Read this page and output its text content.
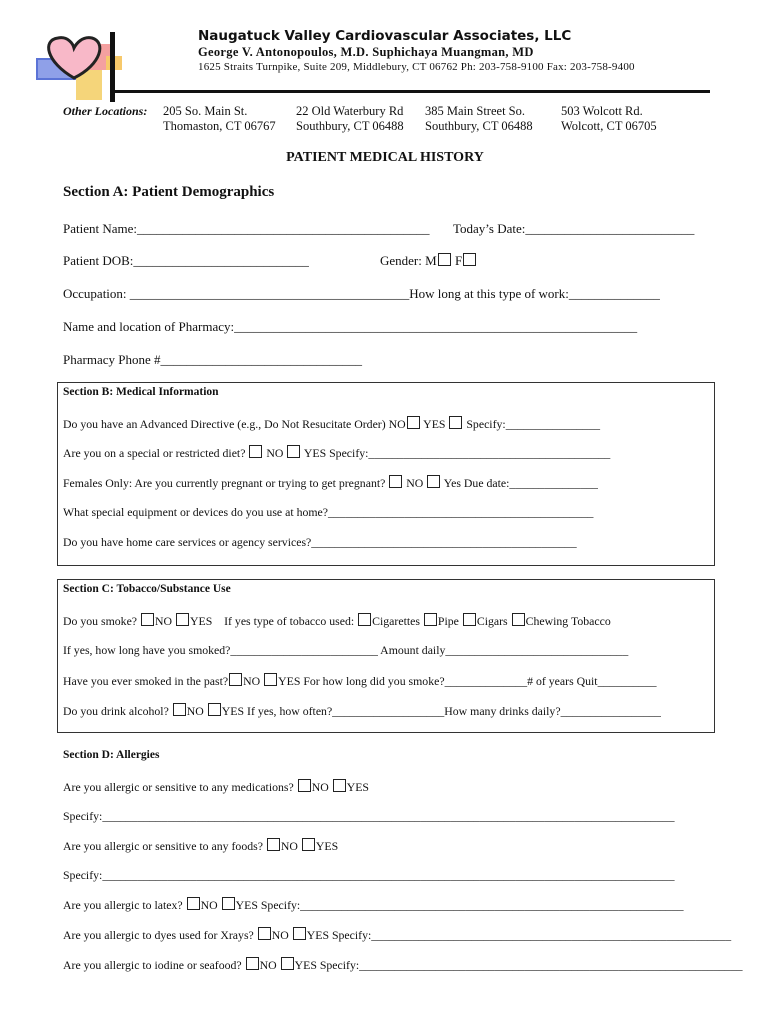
Naugatuck Valley Cardiovascular Associates, LLC
George V. Antonopoulos, M.D. Suphichaya Muangman, MD
1625 Straits Turnpike, Suite 209, Middlebury, CT 06762 Ph: 203-758-9100 Fax: 203-758-9400
Other Locations: 205 So. Main St.
Thomaston, CT 06767
22 Old Waterbury Rd
Southbury, CT 06488
385 Main Street So.
Southbury, CT 06488
503 Wolcott Rd.
Wolcott, CT 06705
PATIENT MEDICAL HISTORY
Section A: Patient Demographics
Patient Name:_____________________________________________ Today’s Date:__________________________
Patient DOB:___________________________	Gender: M F
Occupation: ___________________________________________How long at this type of work:______________
Name and location of Pharmacy:______________________________________________________________
Pharmacy Phone #_______________________________
Section B: Medical Information
Do you have an Advanced Directive (e.g., Do Not Resucitate Order) NO YES Specify:________________
Are you on a special or restricted diet? NO YES Specify:_________________________________________
Females Only: Are you currently pregnant or trying to get pregnant? NO Yes Due date:_______________
What special equipment or devices do you use at home?_____________________________________________
Do you have home care services or agency services?_____________________________________________
Section C: Tobacco/Substance Use
Do you smoke? NO YES If yes type of tobacco used: Cigarettes Pipe Cigars Chewing Tobacco
If yes, how long have you smoked?_________________________ Amount daily_______________________________
Have you ever smoked in the past? NO YES For how long did you smoke?______________# of years Quit__________
Do you drink alcohol? NO YES If yes, how often?___________________How many drinks daily?_________________
Section D: Allergies
Are you allergic or sensitive to any medications? NO YES
Specify:_________________________________________________________________________________________________
Are you allergic or sensitive to any foods? NO YES
Specify:_________________________________________________________________________________________________
Are you allergic to latex? NO YES Specify:_________________________________________________________________
Are you allergic to dyes used for Xrays? NO YES Specify:_____________________________________________________________
Are you allergic to iodine or seafood? NO YES Specify:_________________________________________________________________
